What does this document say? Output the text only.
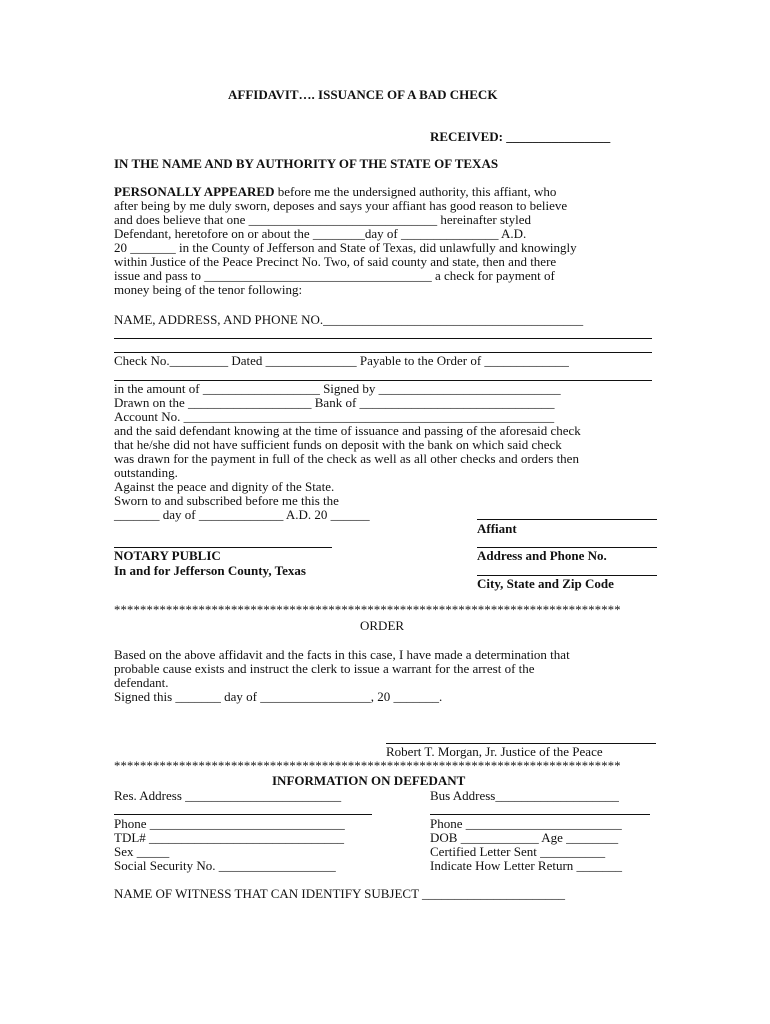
AFFIDAVIT…. ISSUANCE OF A BAD CHECK
RECEIVED: ________________
IN THE NAME AND BY AUTHORITY OF THE STATE OF TEXAS
PERSONALLY APPEARED before me the undersigned authority, this affiant, who
after being by me duly sworn, deposes and says your affiant has good reason to believe
and does believe that one _____________________________ hereinafter styled
Defendant, heretofore on or about the ________day of _______________ A.D.
20 _______ in the County of Jefferson and State of Texas, did unlawfully and knowingly
within Justice of the Peace Precinct No. Two, of said county and state, then and there
issue and pass to ___________________________________ a check for payment of
money being of the tenor following:
NAME, ADDRESS, AND PHONE NO.________________________________________
Check No._________ Dated ______________ Payable to the Order of _____________
in the amount of __________________ Signed by ____________________________
Drawn on the ___________________ Bank of ______________________________
Account No. _________________________________________________________
and the said defendant knowing at the time of issuance and passing of the aforesaid check
that he/she did not have sufficient funds on deposit with the bank on which said check
was drawn for the payment in full of the check as well as all other checks and orders then
outstanding.
Against the peace and dignity of the State.
Sworn to and subscribed before me this the
_______ day of _____________ A.D. 20 ______
Affiant
NOTARY PUBLIC	Address and Phone No.
In and for Jefferson County, Texas
City, State and Zip Code
******************************************************************************
ORDER
Based on the above affidavit and the facts in this case, I have made a determination that
probable cause exists and instruct the clerk to issue a warrant for the arrest of the
defendant.
Signed this _______ day of _________________, 20 _______.
Robert T. Morgan, Jr. Justice of the Peace
******************************************************************************
INFORMATION ON DEFEDANT
Res. Address ________________________	Bus Address___________________
Phone ______________________________	Phone ________________________
TDL# ______________________________	DOB ____________ Age ________
Sex _____	Certified Letter Sent __________
Social Security No. __________________	Indicate How Letter Return _______
NAME OF WITNESS THAT CAN IDENTIFY SUBJECT ______________________
